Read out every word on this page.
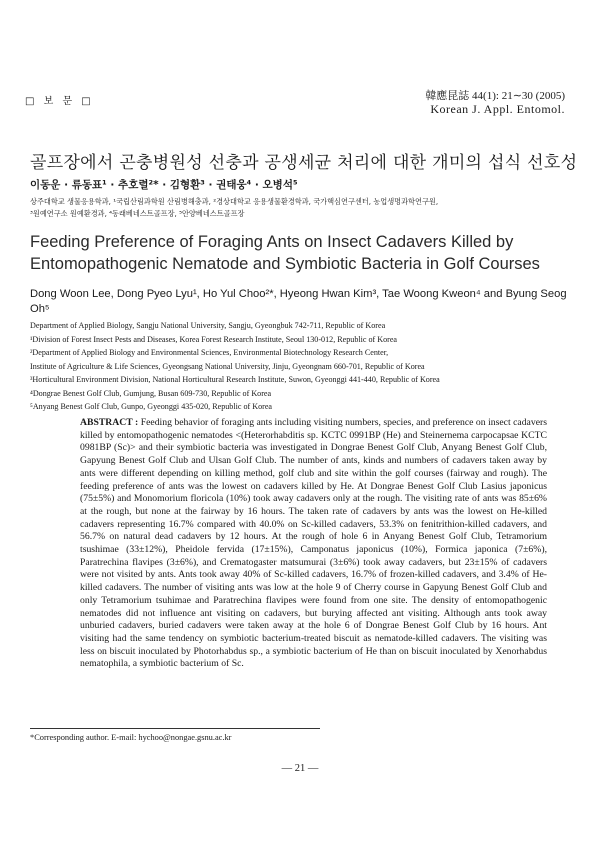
□ 보 문 □	韓應昆誌 44(1): 21∼30 (2005)
Korean J. Appl. Entomol.
골프장에서 곤충병원성 선충과 공생세균 처리에 대한 개미의 섭식 선호성
이동운 · 류동표¹ · 추호렬²* · 김형환³ · 권태웅⁴ · 오병석⁵
상주대학교 생물응용학과, ¹국립산림과학원 산림병해충과, ²경상대학교 응용생물환경학과, 국가핵심연구센터, 농업생명과학연구원,
³원예연구소 원예환경과, ⁴동래베네스트골프장, ⁵안양베네스트골프장
Feeding Preference of Foraging Ants on Insect Cadavers Killed by Entomopathogenic Nematode and Symbiotic Bacteria in Golf Courses
Dong Woon Lee, Dong Pyeo Lyu¹, Ho Yul Choo²*, Hyeong Hwan Kim³, Tae Woong Kweon⁴ and Byung Seog Oh⁵
Department of Applied Biology, Sangju National University, Sangju, Gyeongbuk 742-711, Republic of Korea
¹Division of Forest Insect Pests and Diseases, Korea Forest Research Institute, Seoul 130-012, Republic of Korea
²Department of Applied Biology and Environmental Sciences, Environmental Biotechnology Research Center,
Institute of Agriculture & Life Sciences, Gyeongsang National University, Jinju, Gyeongnam 660-701, Republic of Korea
³Horticultural Environment Division, National Horticultural Research Institute, Suwon, Gyeonggi 441-440, Republic of Korea
⁴Dongrae Benest Golf Club, Gumjung, Busan 609-730, Republic of Korea
⁵Anyang Benest Golf Club, Gunpo, Gyeonggi 435-020, Republic of Korea
ABSTRACT : Feeding behavior of foraging ants including visiting numbers, species, and preference on insect cadavers killed by entomopathogenic nematodes <(Heterorhabditis sp. KCTC 0991BP (He) and Steinernema carpocapsae KCTC 0981BP (Sc)> and their symbiotic bacteria was investigated in Dongrae Benest Golf Club, Anyang Benest Golf Club, Gapyung Benest Golf Club and Ulsan Golf Club. The number of ants, kinds and numbers of cadavers taken away by ants were different depending on killing method, golf club and site within the golf courses (fairway and rough). The feeding preference of ants was the lowest on cadavers killed by He. At Dongrae Benest Golf Club Lasius japonicus (75±5%) and Monomorium floricola (10%) took away cadavers only at the rough. The visiting rate of ants was 85±6% at the rough, but none at the fairway by 16 hours. The taken rate of cadavers by ants was the lowest on He-killed cadavers representing 16.7% compared with 40.0% on Sc-killed cadavers, 53.3% on fenitrithion-killed cadavers, and 56.7% on natural dead cadavers by 12 hours. At the rough of hole 6 in Anyang Benest Golf Club, Tetramorium tsushimae (33±12%), Pheidole fervida (17±15%), Camponatus japonicus (10%), Formica japonica (7±6%), Paratrechina flavipes (3±6%), and Crematogaster matsumurai (3±6%) took away cadavers, but 23±15% of cadavers were not visited by ants. Ants took away 40% of Sc-killed cadavers, 16.7% of frozen-killed cadavers, and 3.4% of He-killed cadavers. The number of visiting ants was low at the hole 9 of Cherry course in Gapyung Benest Golf Club and only Tetramorium tsuhimae and Paratrechina flavipes were found from one site. The density of entomopathogenic nematodes did not influence ant visiting on cadavers, but burying affected ant visiting. Although ants took away unburied cadavers, buried cadavers were taken away at the hole 6 of Dongrae Benest Golf Club by 16 hours. Ant visiting had the same tendency on symbiotic bacterium-treated biscuit as nematode-killed cadavers. The visiting was less on biscuit inoculated by Photorhabdus sp., a symbiotic bacterium of He than on biscuit inoculated by Xenorhabdus nematophila, a symbiotic bacterium of Sc.
*Corresponding author. E-mail: hychoo@nongae.gsnu.ac.kr
— 21 —
